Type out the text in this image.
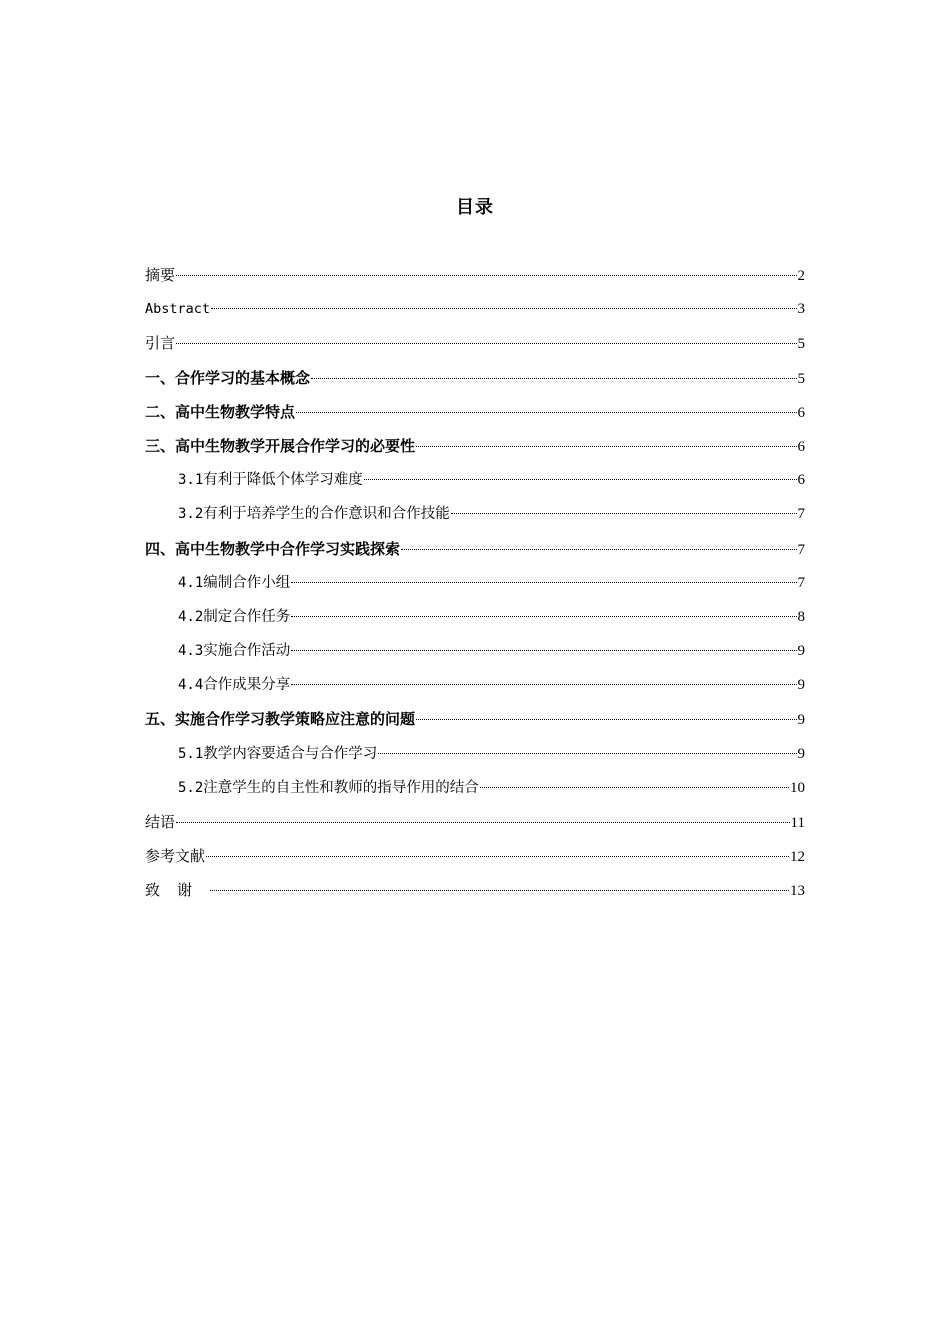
目录
摘要	2
Abstract	3
引言	5
一、合作学习的基本概念	5
二、高中生物教学特点	6
三、高中生物教学开展合作学习的必要性	6
3.1有利于降低个体学习难度	6
3.2有利于培养学生的合作意识和合作技能	7
四、高中生物教学中合作学习实践探索	7
4.1编制合作小组	7
4.2制定合作任务	8
4.3实施合作活动	9
4.4合作成果分享	9
五、实施合作学习教学策略应注意的问题	9
5.1教学内容要适合与合作学习	9
5.2注意学生的自主性和教师的指导作用的结合	10
结语	11
参考文献	12
致谢	13
